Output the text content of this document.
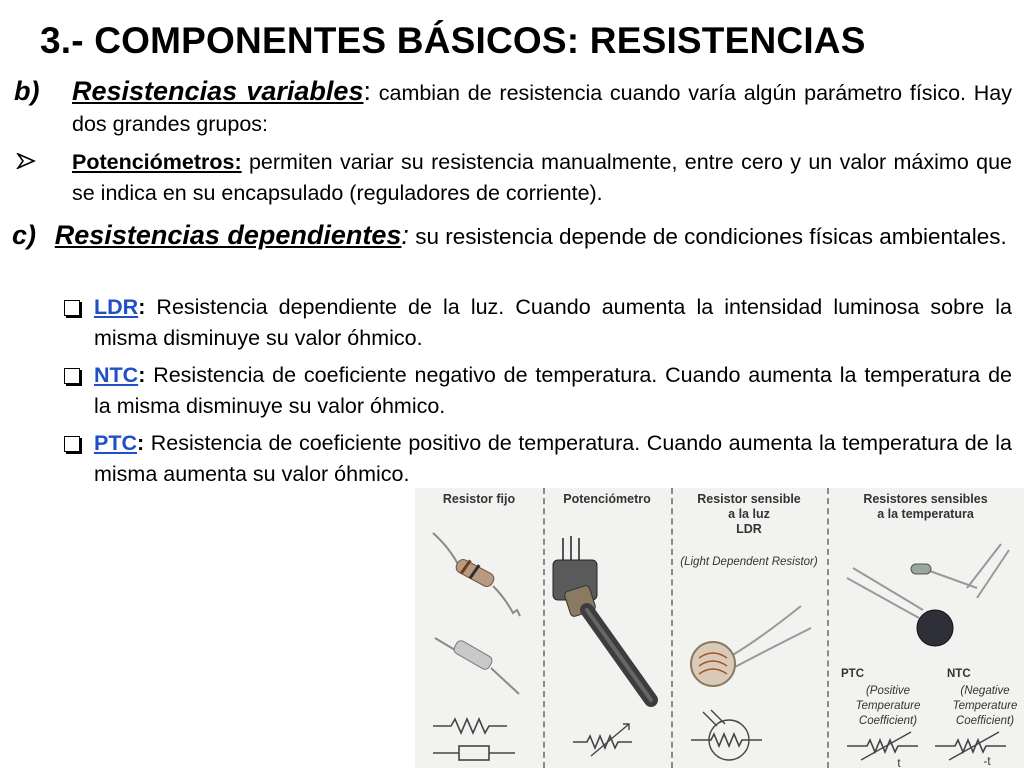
3.- COMPONENTES BÁSICOS: RESISTENCIAS
b) Resistencias variables: cambian de resistencia cuando varía algún parámetro físico. Hay dos grandes grupos:

Potenciómetros: permiten variar su resistencia manualmente, entre cero y un valor máximo que se indica en su encapsulado (reguladores de corriente).

c) Resistencias dependientes: su resistencia depende de condiciones físicas ambientales.

LDR: Resistencia dependiente de la luz. Cuando aumenta la intensidad luminosa sobre la misma disminuye su valor óhmico.

NTC: Resistencia de coeficiente negativo de temperatura. Cuando aumenta la temperatura de la misma disminuye su valor óhmico.

PTC: Resistencia de coeficiente positivo de temperatura. Cuando aumenta la temperatura de la misma aumenta su valor óhmico.

Resistor fijo	Potenciómetro	Resistor sensible
a la luz
LDR
(Light Dependent Resistor)
Resistores sensibles
a la temperatura
PTC
(Positive
Temperature
Coefficient)
NTC
(Negative
Temperature
Coefficient)
t	-t
